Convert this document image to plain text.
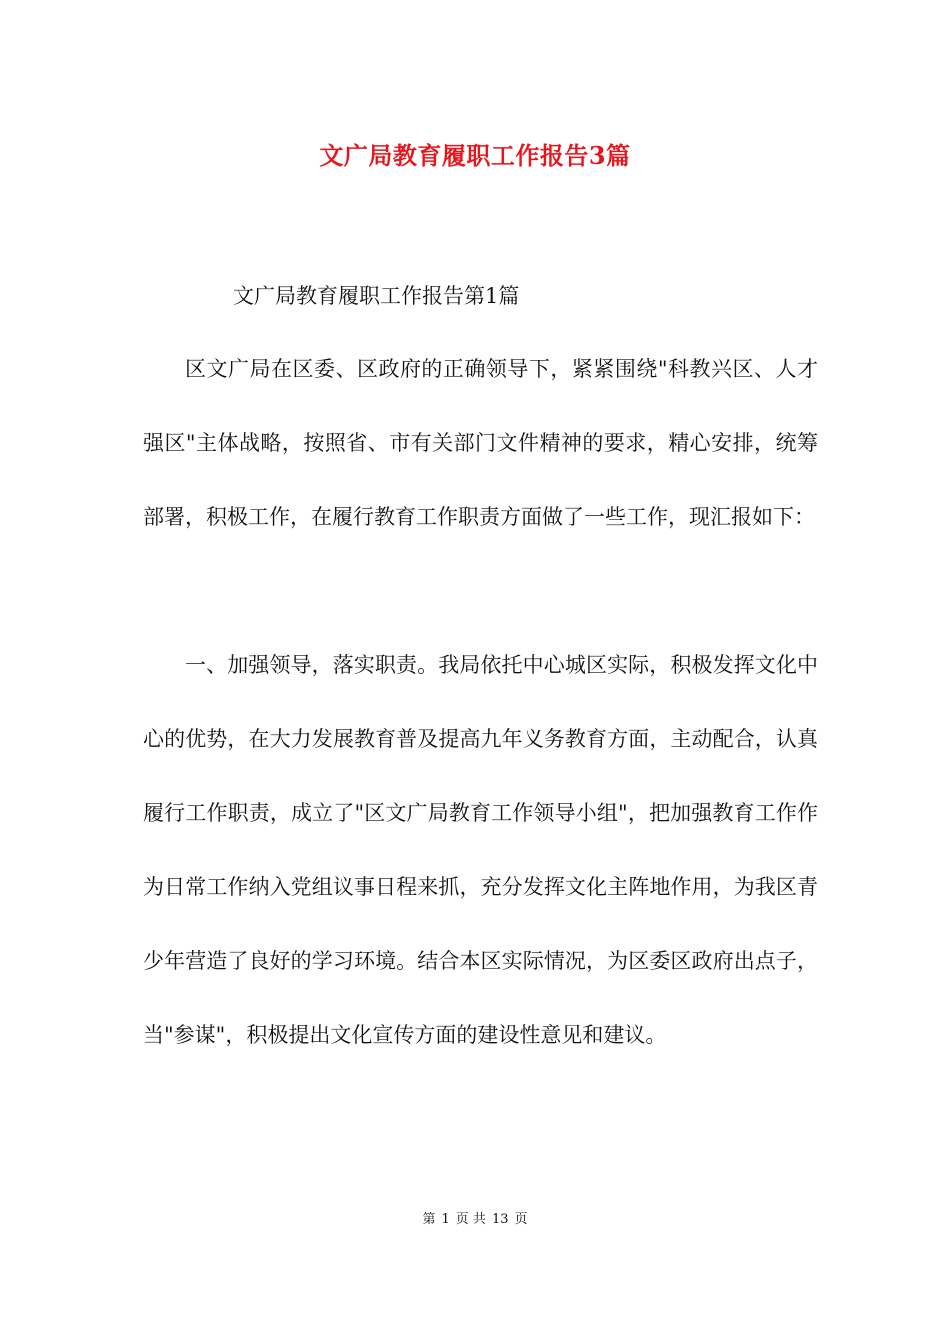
文广局教育履职工作报告3篇
文广局教育履职工作报告第1篇

区文广局在区委、区政府的正确领导下，紧紧围绕"科教兴区、人才强区"主体战略，按照省、市有关部门文件精神的要求，精心安排，统筹部署，积极工作，在履行教育工作职责方面做了一些工作，现汇报如下：

一、加强领导，落实职责。我局依托中心城区实际，积极发挥文化中心的优势，在大力发展教育普及提高九年义务教育方面，主动配合，认真履行工作职责，成立了"区文广局教育工作领导小组"，把加强教育工作作为日常工作纳入党组议事日程来抓，充分发挥文化主阵地作用，为我区青少年营造了良好的学习环境。结合本区实际情况，为区委区政府出点子，当"参谋"，积极提出文化宣传方面的建设性意见和建议。

第 1 页 共 13 页
